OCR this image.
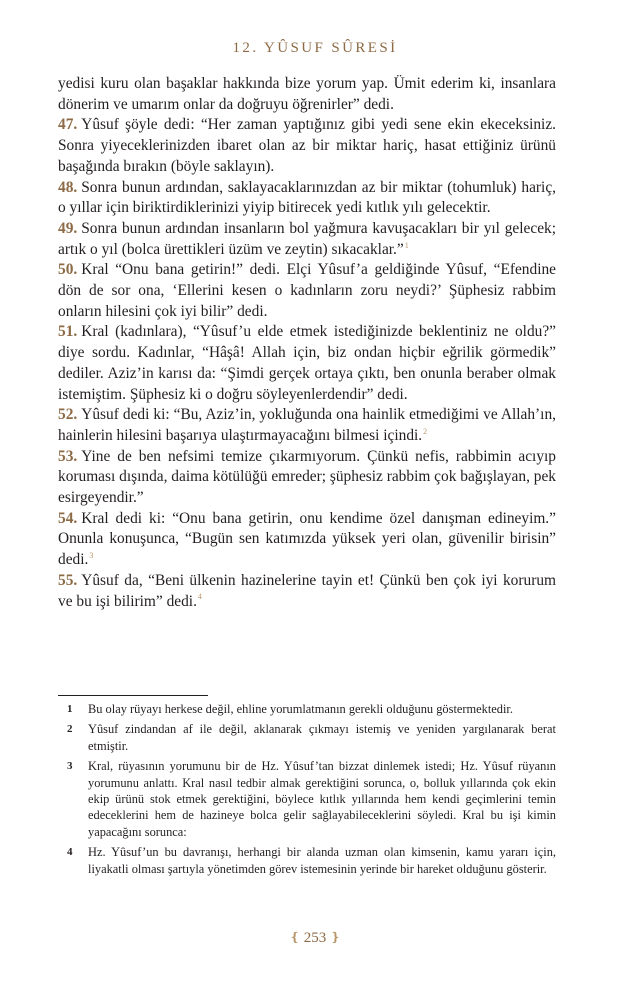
12. YÛSUF SÛRESİ

yedisi kuru olan başaklar hakkında bize yorum yap. Ümit ederim ki, insanlara dönerim ve umarım onlar da doğruyu öğrenirler” dedi.

47. Yûsuf şöyle dedi: “Her zaman yaptığınız gibi yedi sene ekin ekeceksiniz. Sonra yiyeceklerinizden ibaret olan az bir miktar hariç, hasat ettiğiniz ürünü başağında bırakın (böyle saklayın).

48. Sonra bunun ardından, saklayacaklarınızdan az bir miktar (tohumluk) hariç, o yıllar için biriktirdiklerinizi yiyip bitirecek yedi kıtlık yılı gelecektir.

49. Sonra bunun ardından insanların bol yağmura kavuşacakları bir yıl gelecek; artık o yıl (bolca ürettikleri üzüm ve zeytin) sıkacaklar.”$^1$

50. Kral “Onu bana getirin!” dedi. Elçi Yûsuf’a geldiğinde Yûsuf, “Efendine dön de sor ona, ‘Ellerini kesen o kadınların zoru neydi?’ Şüphesiz rabbim onların hilesini çok iyi bilir” dedi.

51. Kral (kadınlara), “Yûsuf’u elde etmek istediğinizde beklentiniz ne oldu?” diye sordu. Kadınlar, “Hâşâ! Allah için, biz ondan hiçbir eğrilik görmedik” dediler. Aziz’in karısı da: “Şimdi gerçek ortaya çıktı, ben onunla beraber olmak istemiştim. Şüphesiz ki o doğru söyleyenlerdendir” dedi.

52. Yûsuf dedi ki: “Bu, Aziz’in, yokluğunda ona hainlik etmediğimi ve Allah’ın, hainlerin hilesini başarıya ulaştırmayacağını bilmesi içindi.$^2$

53. Yine de ben nefsimi temize çıkarmıyorum. Çünkü nefis, rabbimin acıyıp koruması dışında, daima kötülüğü emreder; şüphesiz rabbim çok bağışlayan, pek esirgeyendir.”

54. Kral dedi ki: “Onu bana getirin, onu kendime özel danışman edineyim.” Onunla konuşunca, “Bugün sen katımızda yüksek yeri olan, güvenilir birisin” dedi.$^3$

55. Yûsuf da, “Beni ülkenin hazinelerine tayin et! Çünkü ben çok iyi korurum ve bu işi bilirim” dedi.$^4$

1	Bu olay rüyayı herkese değil, ehline yorumlatmanın gerekli olduğunu göstermektedir.
2	Yûsuf zindandan af ile değil, aklanarak çıkmayı istemiş ve yeniden yargılanarak berat etmiştir.
3	Kral, rüyasının yorumunu bir de Hz. Yûsuf’tan bizzat dinlemek istedi; Hz. Yûsuf rüyanın yorumunu anlattı. Kral nasıl tedbir almak gerektiğini sorunca, o, bolluk yıllarında çok ekin ekip ürünü stok etmek gerektiğini, böylece kıtlık yıllarında hem kendi geçimlerini temin edeceklerini hem de hazineye bolca gelir sağlayabileceklerini söyledi. Kral bu işi kimin yapacağını sorunca:
4	Hz. Yûsuf’un bu davranışı, herhangi bir alanda uzman olan kimsenin, kamu yararı için, liyakatli olması şartıyla yönetimden görev istemesinin yerinde bir hareket olduğunu gösterir.
❴ 253 ❵
